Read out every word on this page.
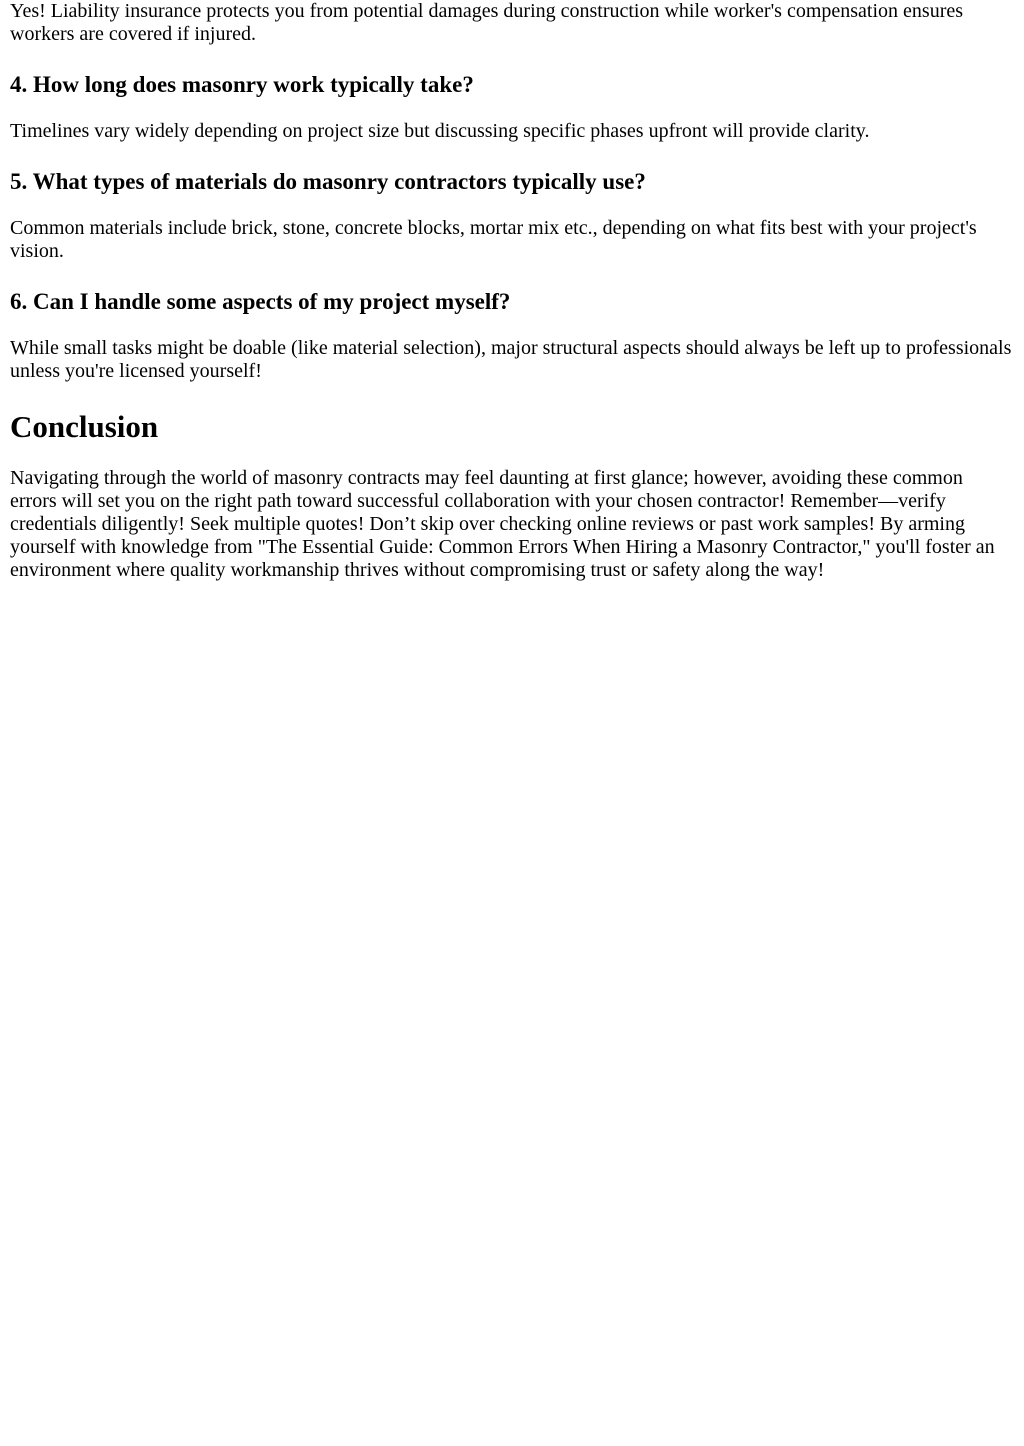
Yes! Liability insurance protects you from potential damages during construction while worker's compensation ensures workers are covered if injured.

4. How long does masonry work typically take?

Timelines vary widely depending on project size but discussing specific phases upfront will provide clarity.

5. What types of materials do masonry contractors typically use?

Common materials include brick, stone, concrete blocks, mortar mix etc., depending on what fits best with your project's vision.

6. Can I handle some aspects of my project myself?

While small tasks might be doable (like material selection), major structural aspects should always be left up to professionals unless you're licensed yourself!

Conclusion

Navigating through the world of masonry contracts may feel daunting at first glance; however, avoiding these common errors will set you on the right path toward successful collaboration with your chosen contractor! Remember—verify credentials diligently! Seek multiple quotes! Don’t skip over checking online reviews or past work samples! By arming yourself with knowledge from "The Essential Guide: Common Errors When Hiring a Masonry Contractor," you'll foster an environment where quality workmanship thrives without compromising trust or safety along the way!
